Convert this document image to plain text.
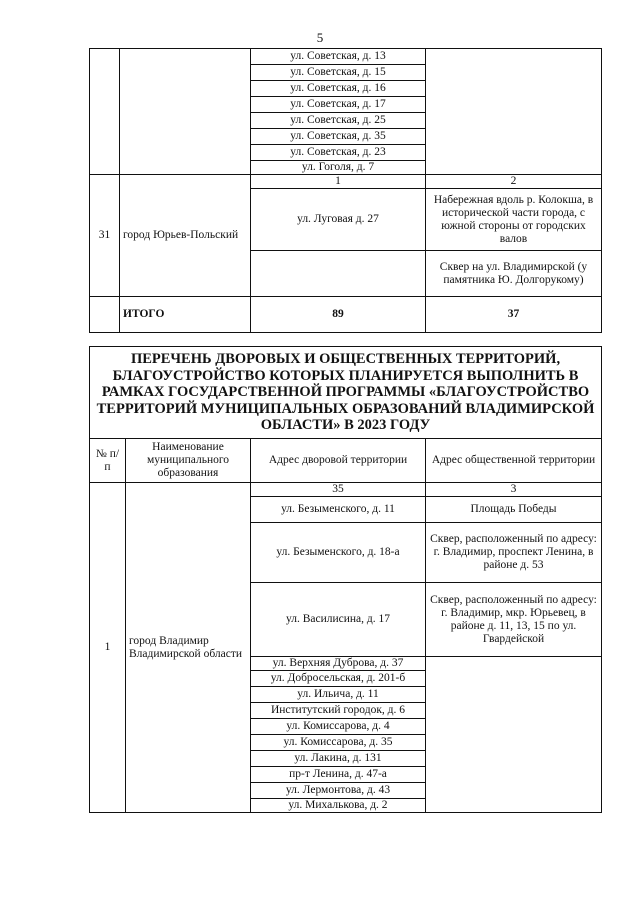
5
		ул. Советская, д. 13	
		ул. Советская, д. 15	
		ул. Советская, д. 16	
		ул. Советская, д. 17	
		ул. Советская, д. 25	
		ул. Советская, д. 35	
		ул. Советская, д. 23	
		ул. Гоголя, д. 7	
31	город Юрьев-Польский	1	2
		ул. Луговая д. 27	Набережная вдоль р. Колокша, в исторической части города, с южной стороны от городских валов
			Сквер на ул. Владимирской (у памятника Ю. Долгорукому)
	ИТОГО	89	37
ПЕРЕЧЕНЬ ДВОРОВЫХ И ОБЩЕСТВЕННЫХ ТЕРРИТОРИЙ, БЛАГОУСТРОЙСТВО КОТОРЫХ ПЛАНИРУЕТСЯ ВЫПОЛНИТЬ В РАМКАХ ГОСУДАРСТВЕННОЙ ПРОГРАММЫ «БЛАГОУСТРОЙСТВО ТЕРРИТОРИЙ МУНИЦИПАЛЬНЫХ ОБРАЗОВАНИЙ ВЛАДИМИРСКОЙ ОБЛАСТИ» В 2023 ГОДУ			
№ п/п	Наименование муниципального образования	Адрес дворовой территории	Адрес общественной территории
1	город Владимир Владимирской области	35	3
		ул. Безыменского, д. 11	Площадь Победы
		ул. Безыменского, д. 18-а	Сквер, расположенный по адресу: г. Владимир, проспект Ленина, в районе д. 53
		ул. Василисина, д. 17	Сквер, расположенный по адресу: г. Владимир, мкр. Юрьевец, в районе д. 11, 13, 15 по ул. Гвардейской
		ул. Верхняя Дуброва, д. 37	
		ул. Добросельская, д. 201-б	
		ул. Ильича, д. 11	
		Институтский городок, д. 6	
		ул. Комиссарова, д. 4	
		ул. Комиссарова, д. 35	
		ул. Лакина, д. 131	
		пр-т Ленина, д. 47-а	
		ул. Лермонтова, д. 43	
		ул. Михалькова, д. 2	
